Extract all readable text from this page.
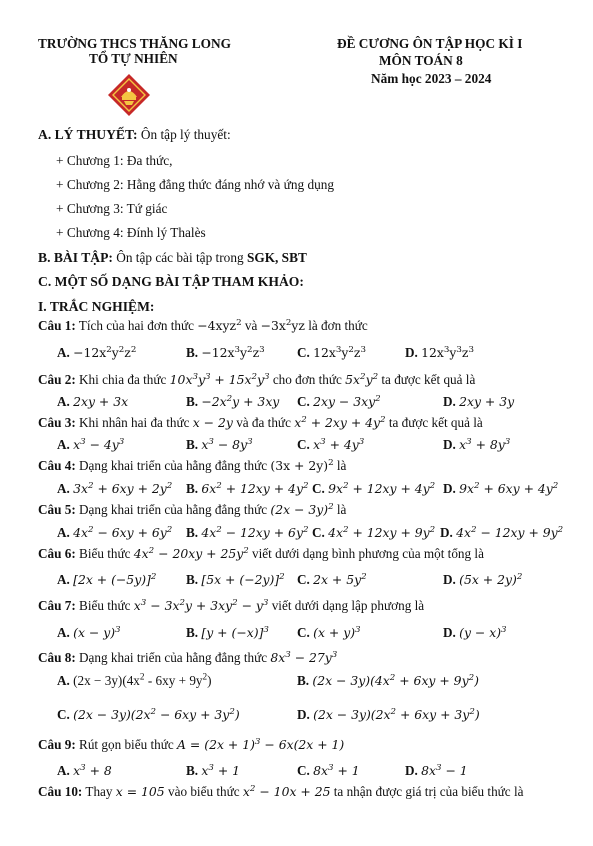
TRƯỜNG THCS THĂNG LONG
TỔ TỰ NHIÊN
ĐỀ CƯƠNG ÔN TẬP HỌC KÌ I
MÔN TOÁN 8
Năm học 2023 – 2024
A. LÝ THUYẾT: Ôn tập lý thuyết:
+ Chương 1: Đa thức,
+ Chương 2: Hằng đẳng thức đáng nhớ và ứng dụng
+ Chương 3: Tứ giác
+ Chương 4: Đính lý Thalès
B. BÀI TẬP: Ôn tập các bài tập trong SGK, SBT
C. MỘT SỐ DẠNG BÀI TẬP THAM KHẢO:
I. TRẮC NGHIỆM:
Câu 1: Tích của hai đơn thức −4xyz$^2$ và $-3x^2yz$ là đơn thức
A. $-12x^2y^2z^2$	B. $-12x^3y^2z^3$ C. $12x^3y^2z^3$	D. $12x^3y^3z^3$
Câu 2: Khi chia đa thức $10x^3y^3 + 15x^2y^3$ cho đơn thức $5x^2y^2$ ta được kết quả là
A. 2xy + 3x	B. $-2x^2y + 3xy$ C. $2xy - 3xy^2$	D. 2xy + 3y
Câu 3: Khi nhân hai đa thức x − 2y và đa thức $x^2 + 2xy + 4y^2$ ta được kết quả là
A. $x^3 - 4y^3$	B. $x^3 - 8y^3$	C. $x^3 + 4y^3$	D. $x^3 + 8y^3$
Câu 4: Dạng khai triển của hằng đẳng thức $(3x + 2y)^2$ là
A. $3x^2 + 6xy + 2y^2$ B. $6x^2 + 12xy + 4y^2$ C. $9x^2 + 12xy + 4y^2$ D. $9x^2 + 6xy + 4y^2$
Câu 5: Dạng khai triển của hằng đẳng thức $(2x - 3y)^2$ là
A. $4x^2 - 6xy + 6y^2$ B. $4x^2 - 12xy + 6y^2$ C. $4x^2 + 12xy + 9y^2$ D. $4x^2 - 12xy + 9y^2$
Câu 6: Biểu thức $4x^2 - 20xy + 25y^2$ viết dưới dạng bình phương của một tổng là
A. $[2x + (-5y)]^2$ B. $[5x + (-2y)]^2$ C. $2x + 5y^2$	D. $(5x + 2y)^2$
Câu 7: Biểu thức $x^3 - 3x^2y + 3xy^2 - y^3$ viết dưới dạng lập phương là
A. $(x - y)^3$	B. $[y + (-x)]^3$ C. $(x + y)^3$	D. $(y - x)^3$
Câu 8: Dạng khai triển của hằng đẳng thức $8x^3 - 27y^3$
A. $(2x - 3y)(4x^2 - 6xy + 9y^2)$	B. $(2x - 3y)(4x^2 + 6xy + 9y^2)$
C. $(2x - 3y)(2x^2 - 6xy + 3y^2)$	D. $(2x - 3y)(2x^2 + 6xy + 3y^2)$
Câu 9: Rút gọn biểu thức $A = (2x + 1)^3 - 6x(2x + 1)$
A. $x^3 + 8$	B. $x^3 + 1$	C. $8x^3 + 1$	D. $8x^3 - 1$
Câu 10: Thay x = 105 vào biểu thức $x^2 - 10x + 25$ ta nhận được giá trị của biểu thức là
